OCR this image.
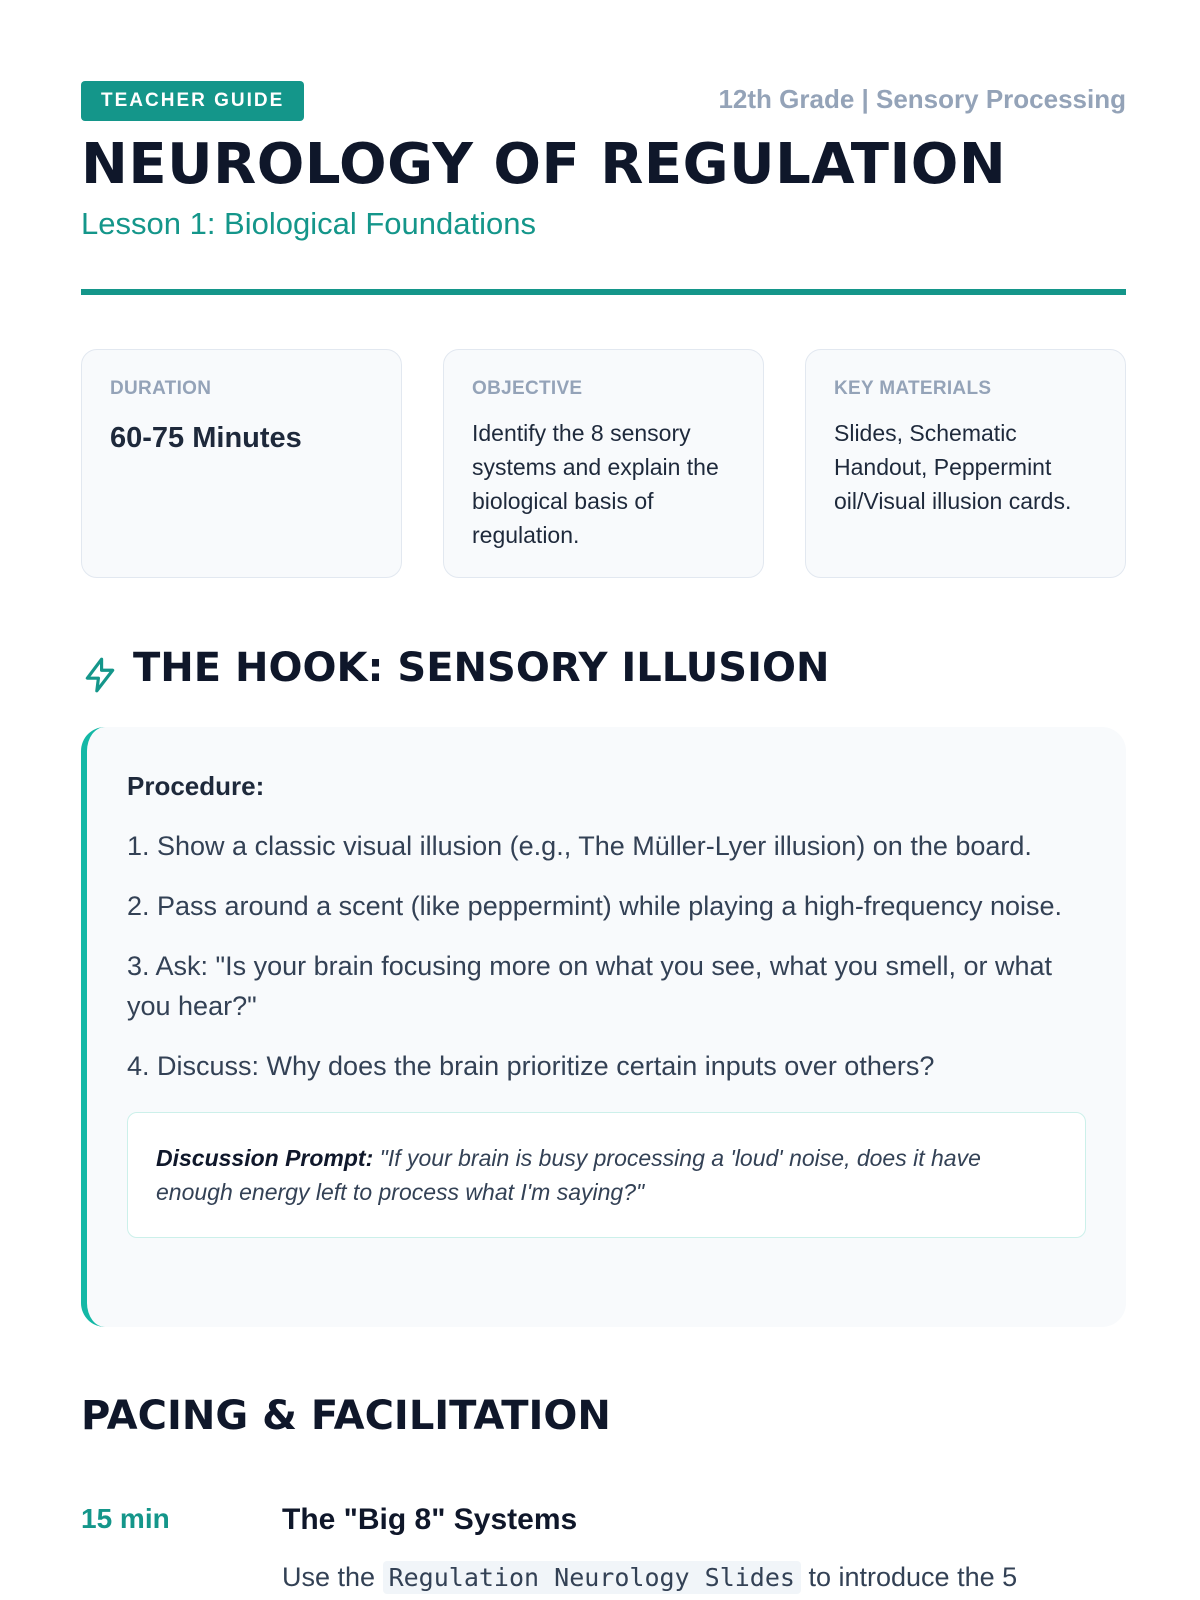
TEACHER GUIDE	12th Grade | Sensory Processing
NEUROLOGY OF REGULATION
Lesson 1: Biological Foundations
DURATION
60-75 Minutes
OBJECTIVE
Identify the 8 sensory systems and explain the biological basis of regulation.
KEY MATERIALS
Slides, Schematic Handout, Peppermint oil/Visual illusion cards.
THE HOOK: SENSORY ILLUSION
Procedure:
1. Show a classic visual illusion (e.g., The Müller-Lyer illusion) on the board.
2. Pass around a scent (like peppermint) while playing a high-frequency noise.
3. Ask: "Is your brain focusing more on what you see, what you smell, or what you hear?"
4. Discuss: Why does the brain prioritize certain inputs over others?
Discussion Prompt: "If your brain is busy processing a 'loud' noise, does it have enough energy left to process what I'm saying?"
PACING & FACILITATION
15 min	The "Big 8" Systems
Use the Regulation Neurology Slides to introduce the 5
